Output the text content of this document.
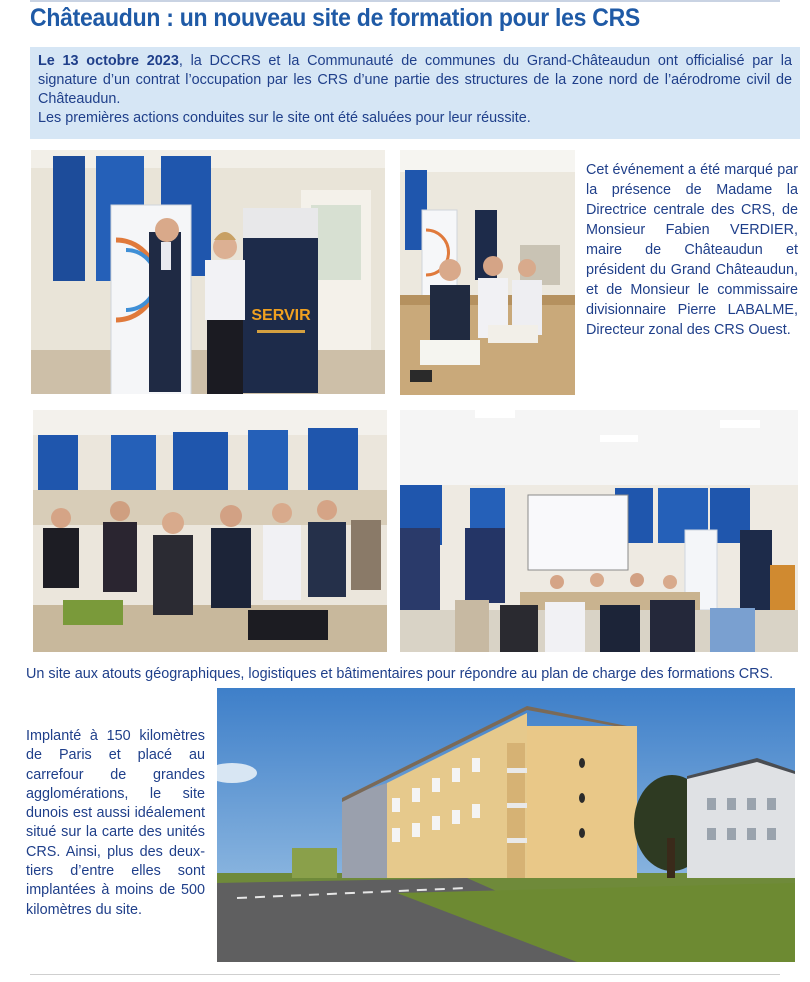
Châteaudun : un nouveau site de formation pour les CRS

Le 13 octobre 2023, la DCCRS et la Communauté de communes du Grand-Châteaudun ont officialisé par la signature d’un contrat l’occupation par les CRS d’une partie des structures de la zone nord de l’aérodrome civil de Châteaudun.

Les premières actions conduites sur le site ont été saluées pour leur réussite.

SERVIR
Cet événement a été marqué par la présence de Madame la Directrice centrale des CRS, de Monsieur Fabien VERDIER, maire de Châteaudun et président du Grand Châteaudun, et de Monsieur le commissaire divisionnaire Pierre LABALME, Directeur zonal des CRS Ouest.
Un site aux atouts géographiques, logistiques et bâtimentaires pour répondre au plan de charge des formations CRS.
Implanté à 150 kilomètres de Paris et placé au carrefour de grandes agglomérations, le site dunois est aussi idéalement situé sur la carte des unités CRS. Ainsi, plus des deux-tiers d’entre elles sont implantées à moins de 500 kilomètres du site.
